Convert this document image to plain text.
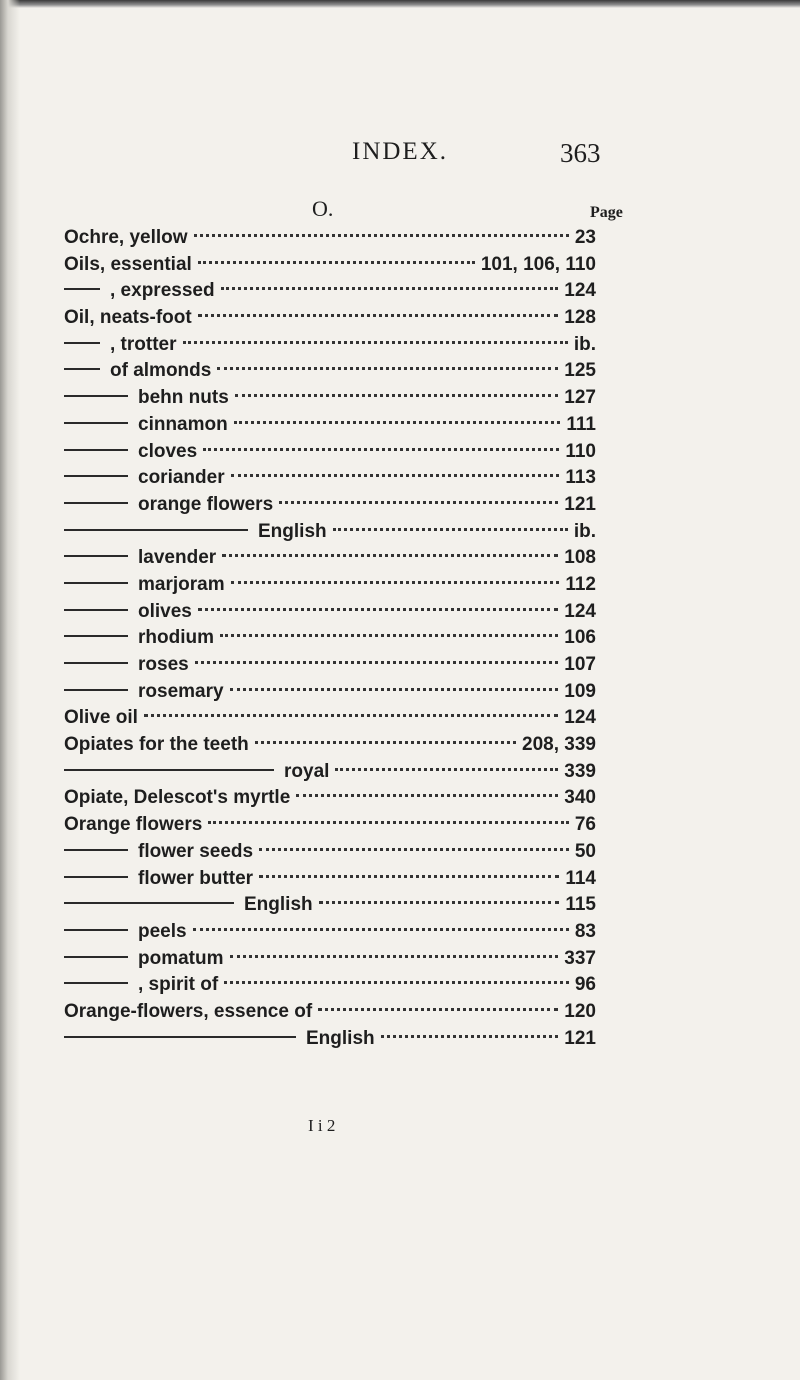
INDEX.	363
O.	Page
Ochre, yellow	23
Oils, essential	101, 106, 110
, expressed	124
Oil, neats-foot	128
, trotter	ib.
of almonds	125
behn nuts	127
cinnamon	111
cloves	110
coriander	113
orange flowers	121
English	ib.
lavender	108
marjoram	112
olives	124
rhodium	106
roses	107
rosemary	109
Olive oil	124
Opiates for the teeth	208, 339
royal	339
Opiate, Delescot's myrtle	340
Orange flowers	76
flower seeds	50
flower butter	114
English	115
peels	83
pomatum	337
, spirit of	96
Orange-flowers, essence of	120
English	121
I i 2
